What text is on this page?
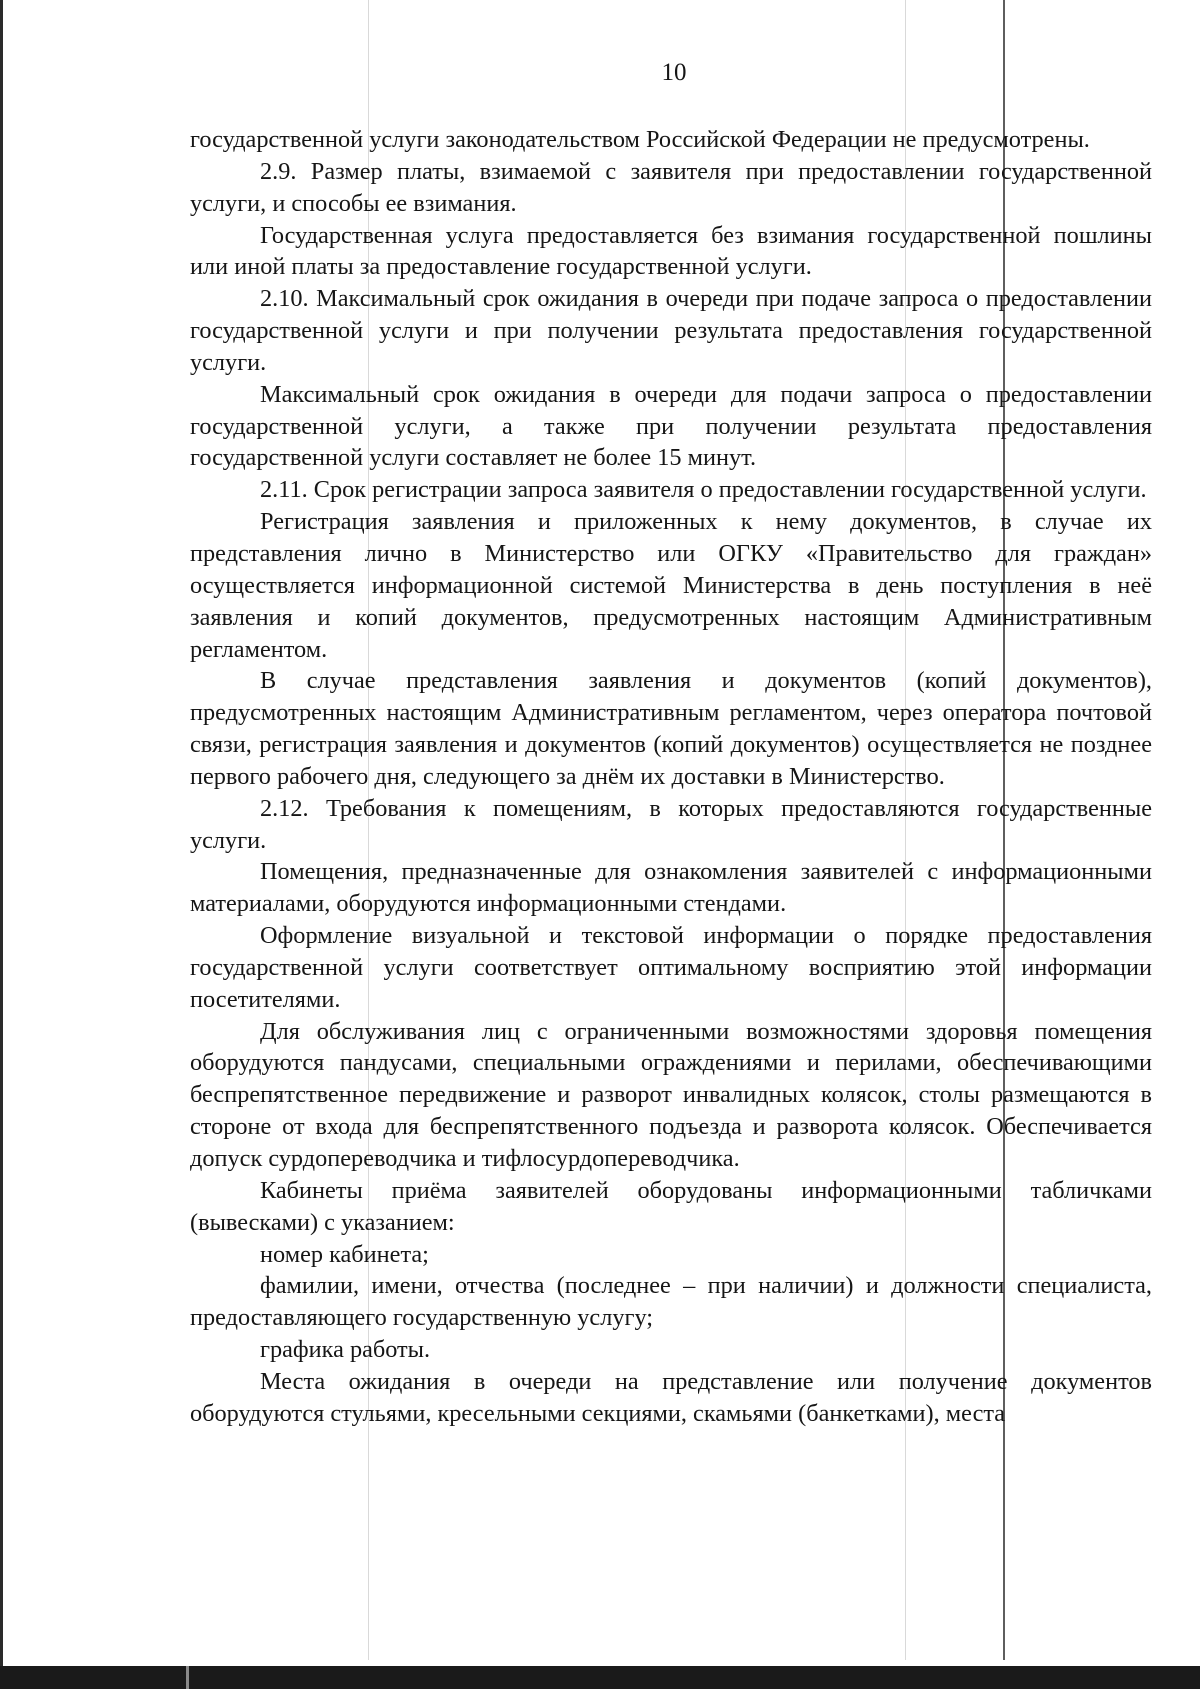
10

государственной услуги законодательством Российской Федерации не предусмотрены.

2.9. Размер платы, взимаемой с заявителя при предоставлении государственной услуги, и способы ее взимания.

Государственная услуга предоставляется без взимания государственной пошлины или иной платы за предоставление государственной услуги.

2.10. Максимальный срок ожидания в очереди при подаче запроса о предоставлении государственной услуги и при получении результата предоставления государственной услуги.

Максимальный срок ожидания в очереди для подачи запроса о предоставлении государственной услуги, а также при получении результата предоставления государственной услуги составляет не более 15 минут.

2.11. Срок регистрации запроса заявителя о предоставлении государственной услуги.

Регистрация заявления и приложенных к нему документов, в случае их представления лично в Министерство или ОГКУ «Правительство для граждан» осуществляется информационной системой Министерства в день поступления в неё заявления и копий документов, предусмотренных настоящим Административным регламентом.

В случае представления заявления и документов (копий документов), предусмотренных настоящим Административным регламентом, через оператора почтовой связи, регистрация заявления и документов (копий документов) осуществляется не позднее первого рабочего дня, следующего за днём их доставки в Министерство.

2.12. Требования к помещениям, в которых предоставляются государственные услуги.

Помещения, предназначенные для ознакомления заявителей с информационными материалами, оборудуются информационными стендами.

Оформление визуальной и текстовой информации о порядке предоставления государственной услуги соответствует оптимальному восприятию этой информации посетителями.

Для обслуживания лиц с ограниченными возможностями здоровья помещения оборудуются пандусами, специальными ограждениями и перилами, обеспечивающими беспрепятственное передвижение и разворот инвалидных колясок, столы размещаются в стороне от входа для беспрепятственного подъезда и разворота колясок. Обеспечивается допуск сурдопереводчика и тифлосурдопереводчика.

Кабинеты приёма заявителей оборудованы информационными табличками (вывесками) с указанием:

номер кабинета;

фамилии, имени, отчества (последнее – при наличии) и должности специалиста, предоставляющего государственную услугу;

графика работы.

Места ожидания в очереди на представление или получение документов оборудуются стульями, кресельными секциями, скамьями (банкетками), места
